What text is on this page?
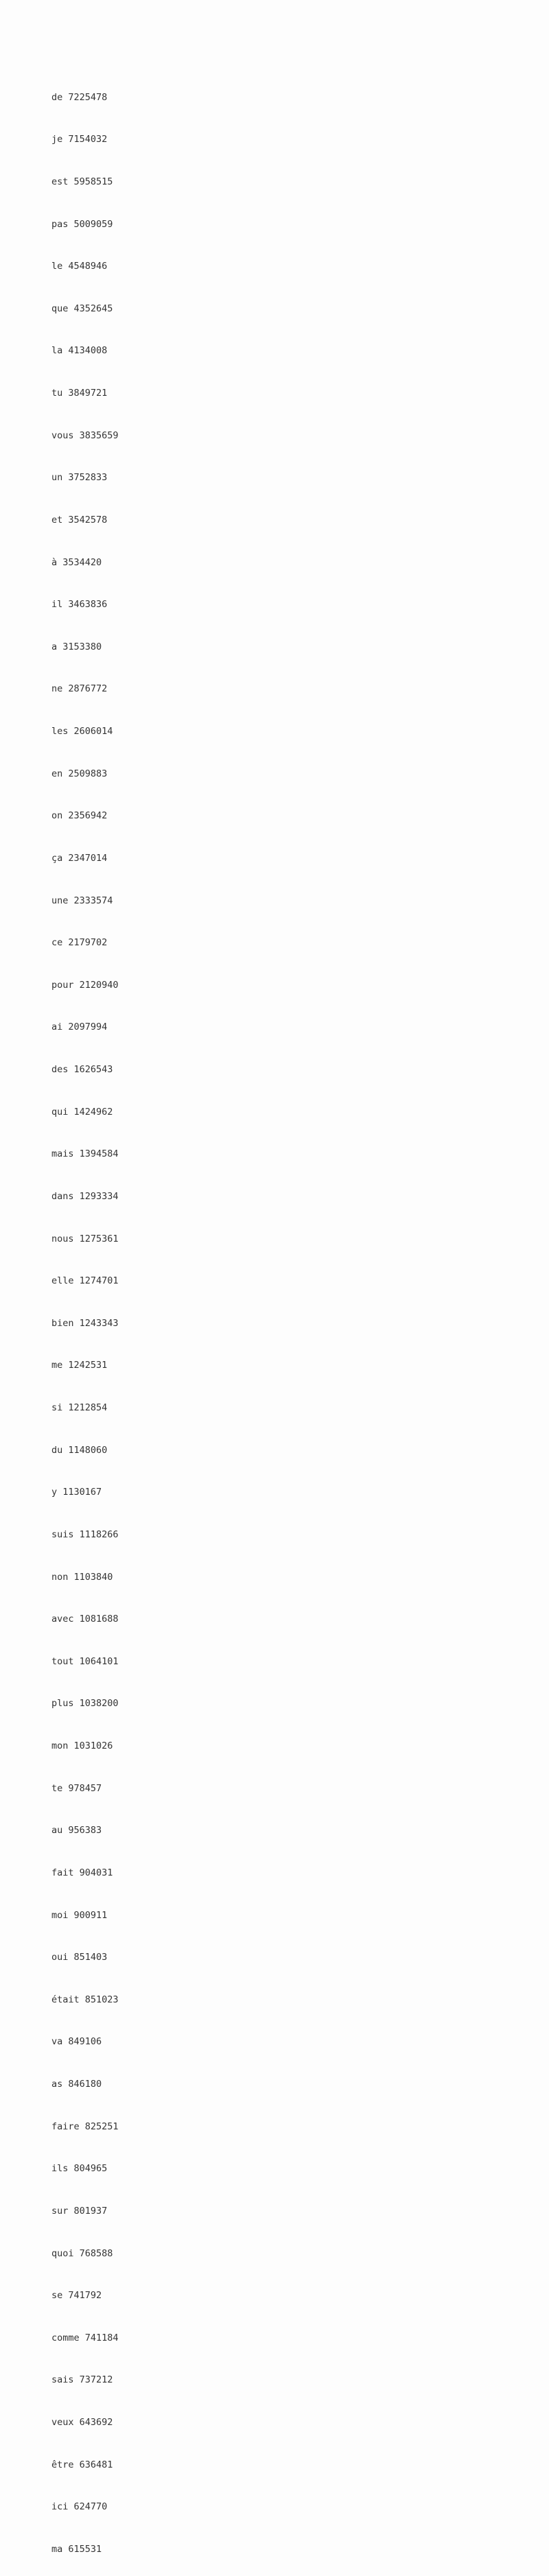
de 7225478

je 7154032

est 5958515

pas 5009059

le 4548946

que 4352645

la 4134008

tu 3849721

vous 3835659

un 3752833

et 3542578

à 3534420

il 3463836

a 3153380

ne 2876772

les 2606014

en 2509883

on 2356942

ça 2347014

une 2333574

ce 2179702

pour 2120940

ai 2097994

des 1626543

qui 1424962

mais 1394584

dans 1293334

nous 1275361

elle 1274701

bien 1243343

me 1242531

si 1212854

du 1148060

y 1130167

suis 1118266

non 1103840

avec 1081688

tout 1064101

plus 1038200

mon 1031026

te 978457

au 956383

fait 904031

moi 900911

oui 851403

était 851023

va 849106

as 846180

faire 825251

ils 804965

sur 801937

quoi 768588

se 741792

comme 741184

sais 737212

veux 643692

être 636481

ici 624770

ma 615531
